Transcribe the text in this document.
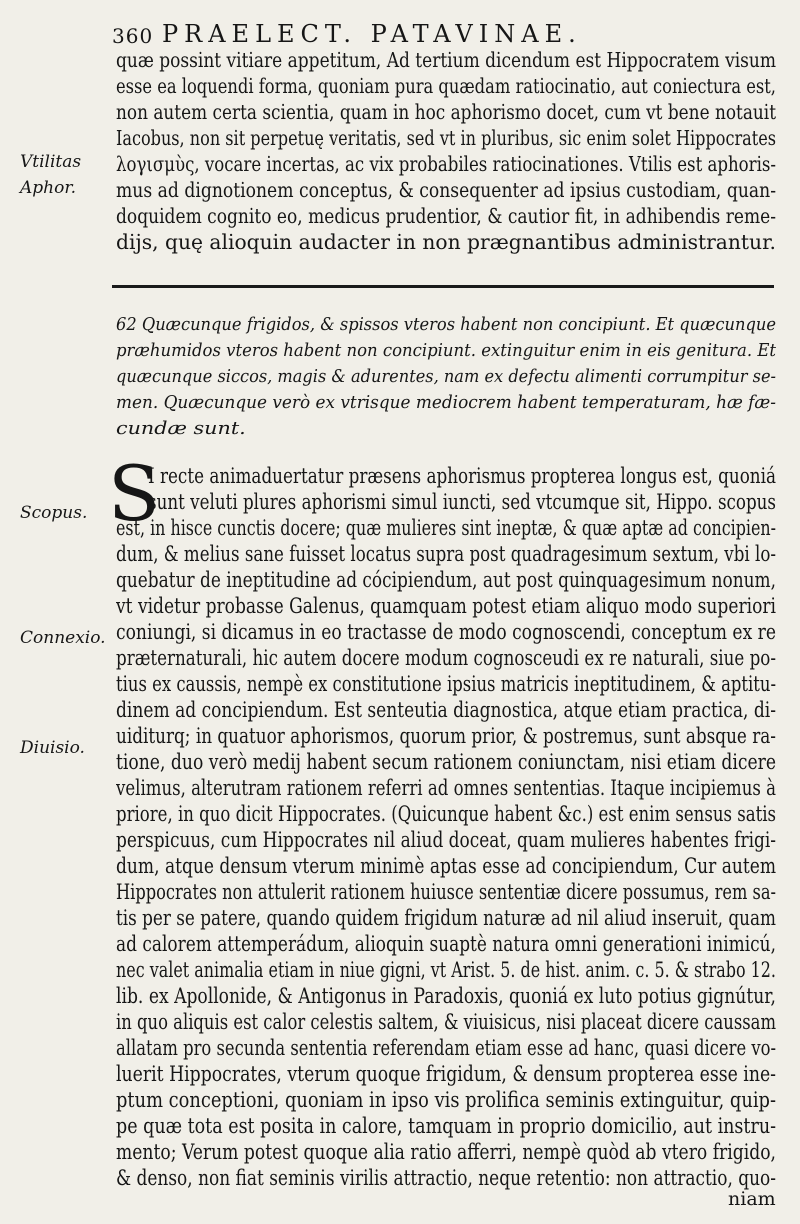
360 PRAELECT. PATAVINAE.
quæ possint vitiare appetitum, Ad tertium dicendum est Hippocratem visum
esse ea loquendi forma, quoniam pura quædam ratiocinatio, aut coniectura est,
non autem certa scientia, quam in hoc aphorismo docet, cum vt bene notauit
Iacobus, non sit perpetuę veritatis, sed vt in pluribus, sic enim solet Hippocrates
λογισμὺς, vocare incertas, ac vix probabiles ratiocinationes. Vtilis est aphoris-
mus ad dignotionem conceptus, & consequenter ad ipsius custodiam, quan-
doquidem cognito eo, medicus prudentior, & cautior fit, in adhibendis reme-
dijs, quę alioquin audacter in non prægnantibus administrantur.
Vtilitas
Aphor.
62 Quæcunque frigidos, & spissos vteros habent non concipiunt. Et quæcunque
præhumidos vteros habent non concipiunt. extinguitur enim in eis genitura. Et
quæcunque siccos, magis & adurentes, nam ex defectu alimenti corrumpitur se-
men. Quæcunque verò ex vtrisque mediocrem habent temperaturam, hæ fæ-
cundæ sunt.
S
Scopus.
Connexio.
Diuisio.
I recte animaduertatur præsens aphorismus propterea longus est, quoniá
sunt veluti plures aphorismi simul iuncti, sed vtcumque sit, Hippo. scopus
est, in hisce cunctis docere; quæ mulieres sint ineptæ, & quæ aptæ ad concipien-
dum, & melius sane fuisset locatus supra post quadragesimum sextum, vbi lo-
quebatur de ineptitudine ad cócipiendum, aut post quinquagesimum nonum,
vt videtur probasse Galenus, quamquam potest etiam aliquo modo superiori
coniungi, si dicamus in eo tractasse de modo cognoscendi, conceptum ex re
præternaturali, hic autem docere modum cognosceudi ex re naturali, siue po-
tius ex caussis, nempè ex constitutione ipsius matricis ineptitudinem, & aptitu-
dinem ad concipiendum. Est senteutia diagnostica, atque etiam practica, di-
uiditurq; in quatuor aphorismos, quorum prior, & postremus, sunt absque ra-
tione, duo verò medij habent secum rationem coniunctam, nisi etiam dicere
velimus, alterutram rationem referri ad omnes sententias. Itaque incipiemus à
priore, in quo dicit Hippocrates. (Quicunque habent &c.) est enim sensus satis
perspicuus, cum Hippocrates nil aliud doceat, quam mulieres habentes frigi-
dum, atque densum vterum minimè aptas esse ad concipiendum, Cur autem
Hippocrates non attulerit rationem huiusce sententiæ dicere possumus, rem sa-
tis per se patere, quando quidem frigidum naturæ ad nil aliud inseruit, quam
ad calorem attemperádum, alioquin suaptè natura omni generationi inimicú,
nec valet animalia etiam in niue gigni, vt Arist. 5. de hist. anim. c. 5. & strabo 12.
lib. ex Apollonide, & Antigonus in Paradoxis, quoniá ex luto potius gignútur,
in quo aliquis est calor celestis saltem, & viuisicus, nisi placeat dicere caussam
allatam pro secunda sententia referendam etiam esse ad hanc, quasi dicere vo-
luerit Hippocrates, vterum quoque frigidum, & densum propterea esse ine-
ptum conceptioni, quoniam in ipso vis prolifica seminis extinguitur, quip-
pe quæ tota est posita in calore, tamquam in proprio domicilio, aut instru-
mento; Verum potest quoque alia ratio afferri, nempè quòd ab vtero frigido,
& denso, non fiat seminis virilis attractio, neque retentio: non attractio, quo-
niam
